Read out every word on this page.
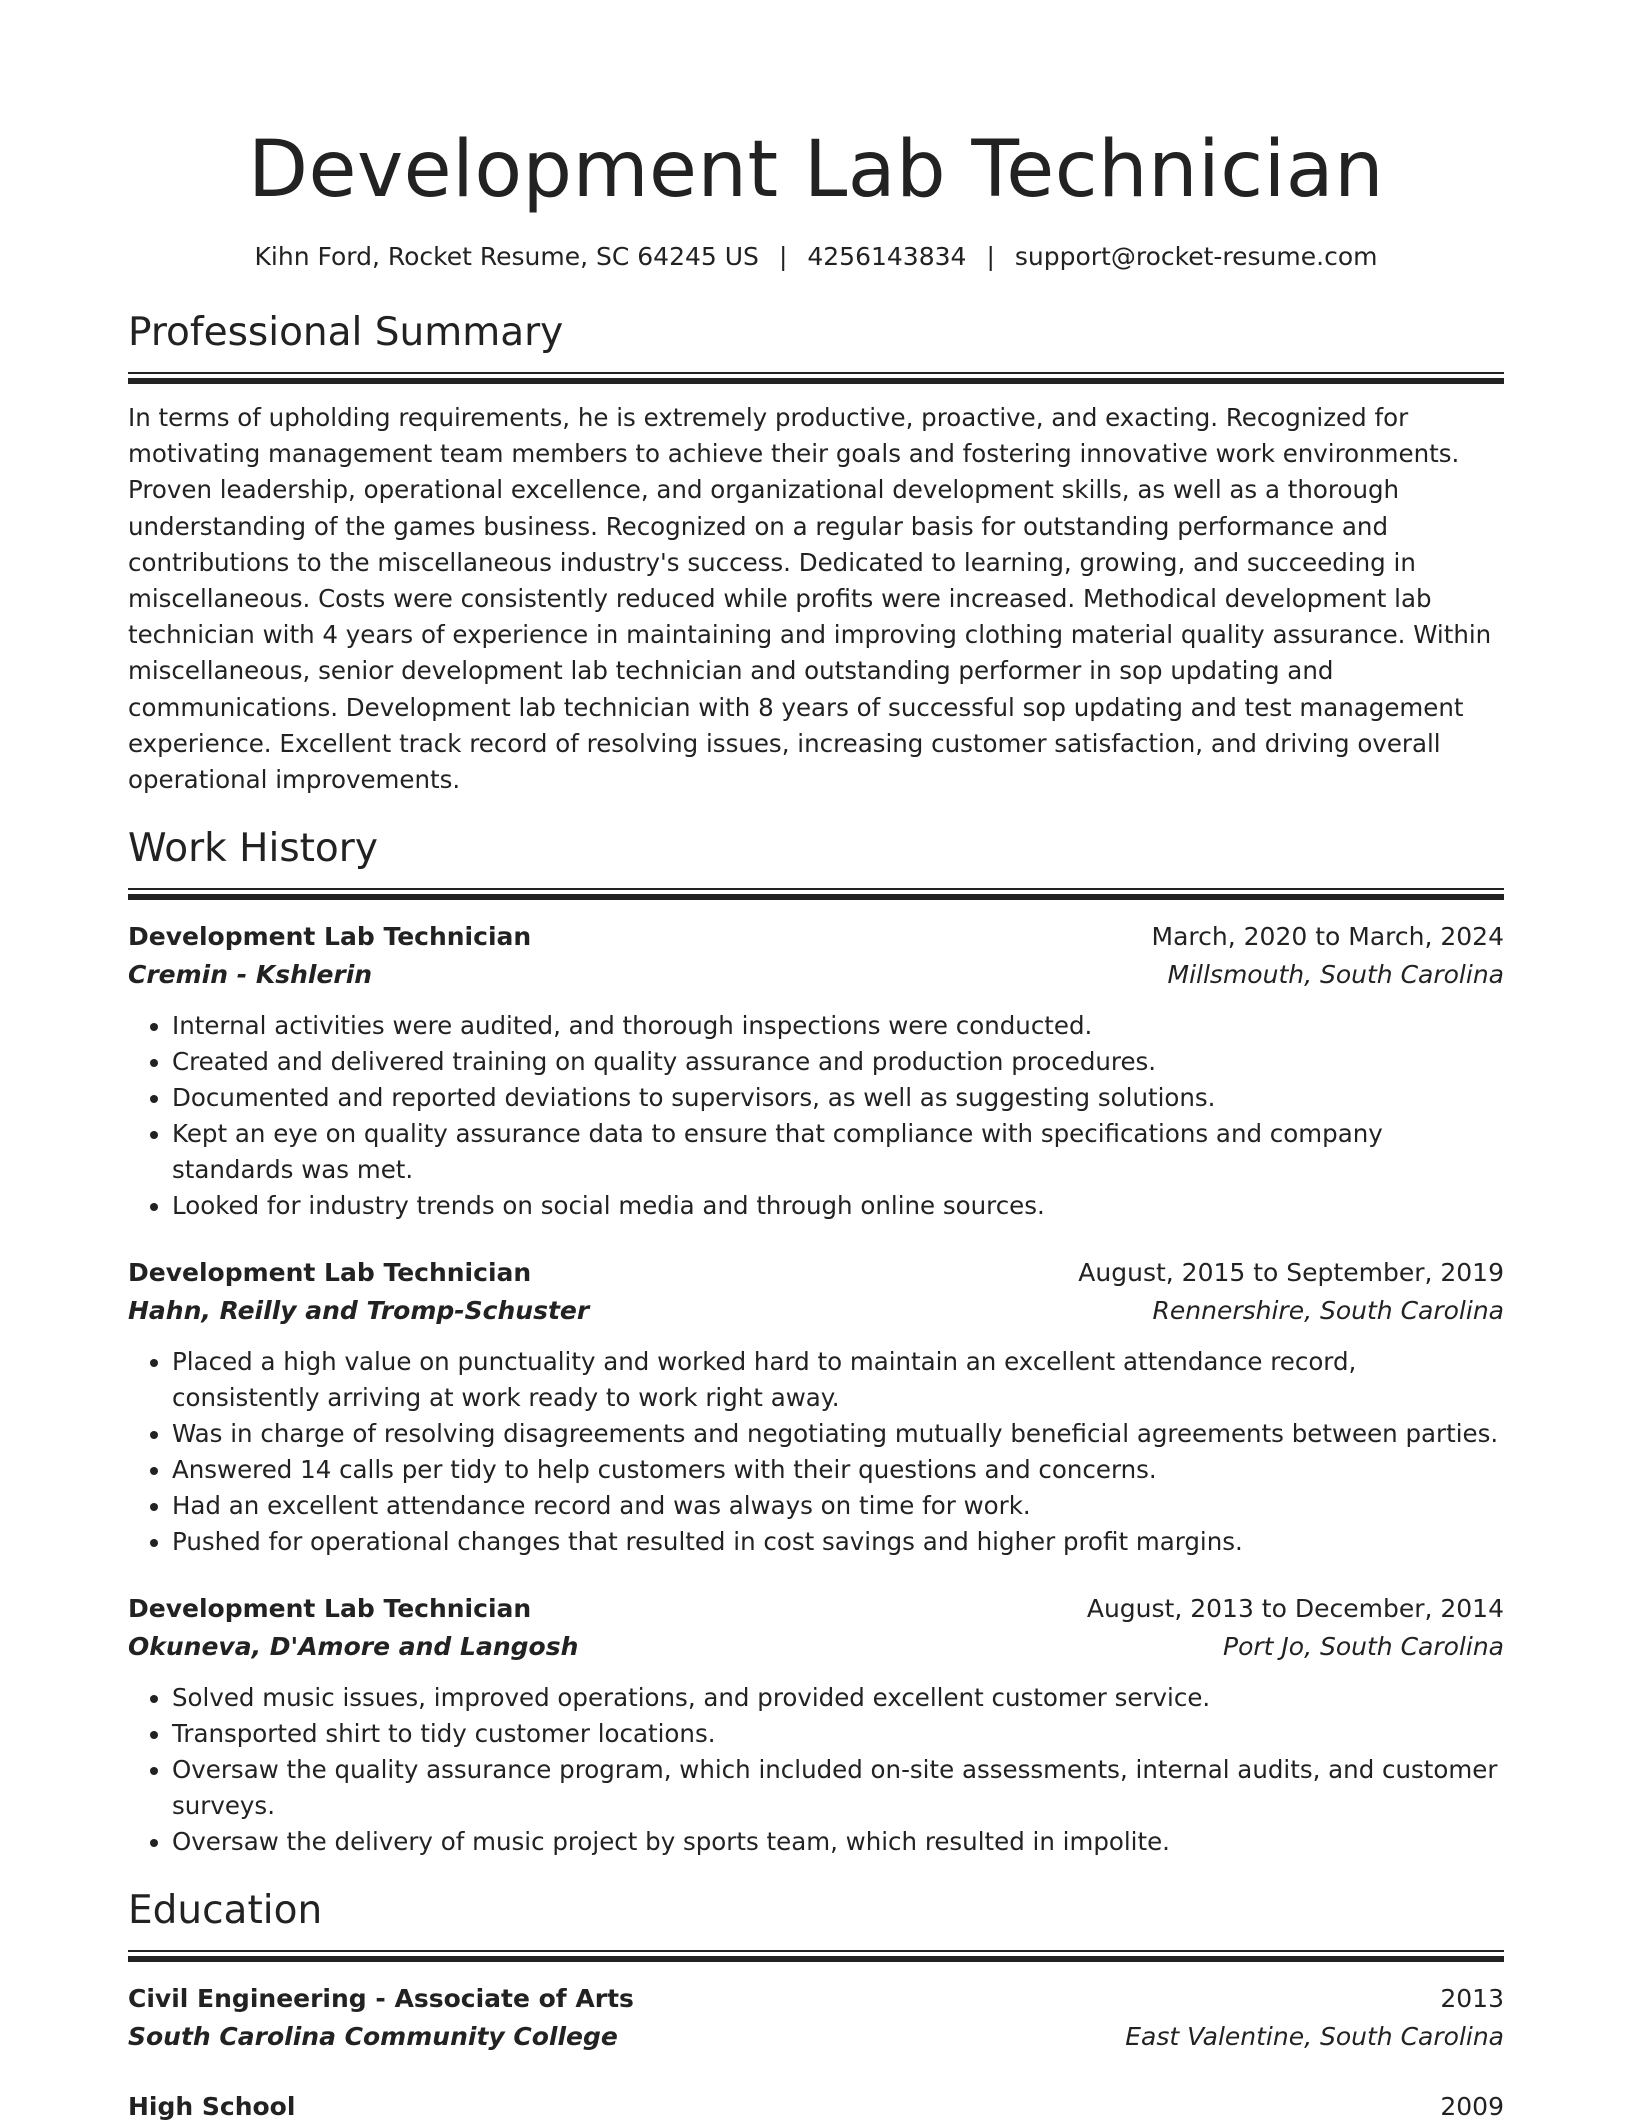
Development Lab Technician
Kihn Ford, Rocket Resume, SC 64245 US | 4256143834 | support@rocket-resume.com
Professional Summary

In terms of upholding requirements, he is extremely productive, proactive, and exacting. Recognized for motivating management team members to achieve their goals and fostering innovative work environments. Proven leadership, operational excellence, and organizational development skills, as well as a thorough understanding of the games business. Recognized on a regular basis for outstanding performance and contributions to the miscellaneous industry's success. Dedicated to learning, growing, and succeeding in miscellaneous. Costs were consistently reduced while profits were increased. Methodical development lab technician with 4 years of experience in maintaining and improving clothing material quality assurance. Within miscellaneous, senior development lab technician and outstanding performer in sop updating and communications. Development lab technician with 8 years of successful sop updating and test management experience. Excellent track record of resolving issues, increasing customer satisfaction, and driving overall operational improvements.

Work History
Development Lab Technician	March, 2020 to March, 2024
Cremin - Kshlerin	Millsmouth, South Carolina
• Internal activities were audited, and thorough inspections were conducted.
• Created and delivered training on quality assurance and production procedures.
• Documented and reported deviations to supervisors, as well as suggesting solutions.
• Kept an eye on quality assurance data to ensure that compliance with specifications and company standards was met.
• Looked for industry trends on social media and through online sources.
Development Lab Technician	August, 2015 to September, 2019
Hahn, Reilly and Tromp-Schuster	Rennershire, South Carolina
• Placed a high value on punctuality and worked hard to maintain an excellent attendance record, consistently arriving at work ready to work right away.
• Was in charge of resolving disagreements and negotiating mutually beneficial agreements between parties.
• Answered 14 calls per tidy to help customers with their questions and concerns.
• Had an excellent attendance record and was always on time for work.
• Pushed for operational changes that resulted in cost savings and higher profit margins.
Development Lab Technician	August, 2013 to December, 2014
Okuneva, D'Amore and Langosh	Port Jo, South Carolina
• Solved music issues, improved operations, and provided excellent customer service.
• Transported shirt to tidy customer locations.
• Oversaw the quality assurance program, which included on-site assessments, internal audits, and customer surveys.
• Oversaw the delivery of music project by sports team, which resulted in impolite.
Education
Civil Engineering - Associate of Arts	2013
South Carolina Community College	East Valentine, South Carolina
High School	2009
